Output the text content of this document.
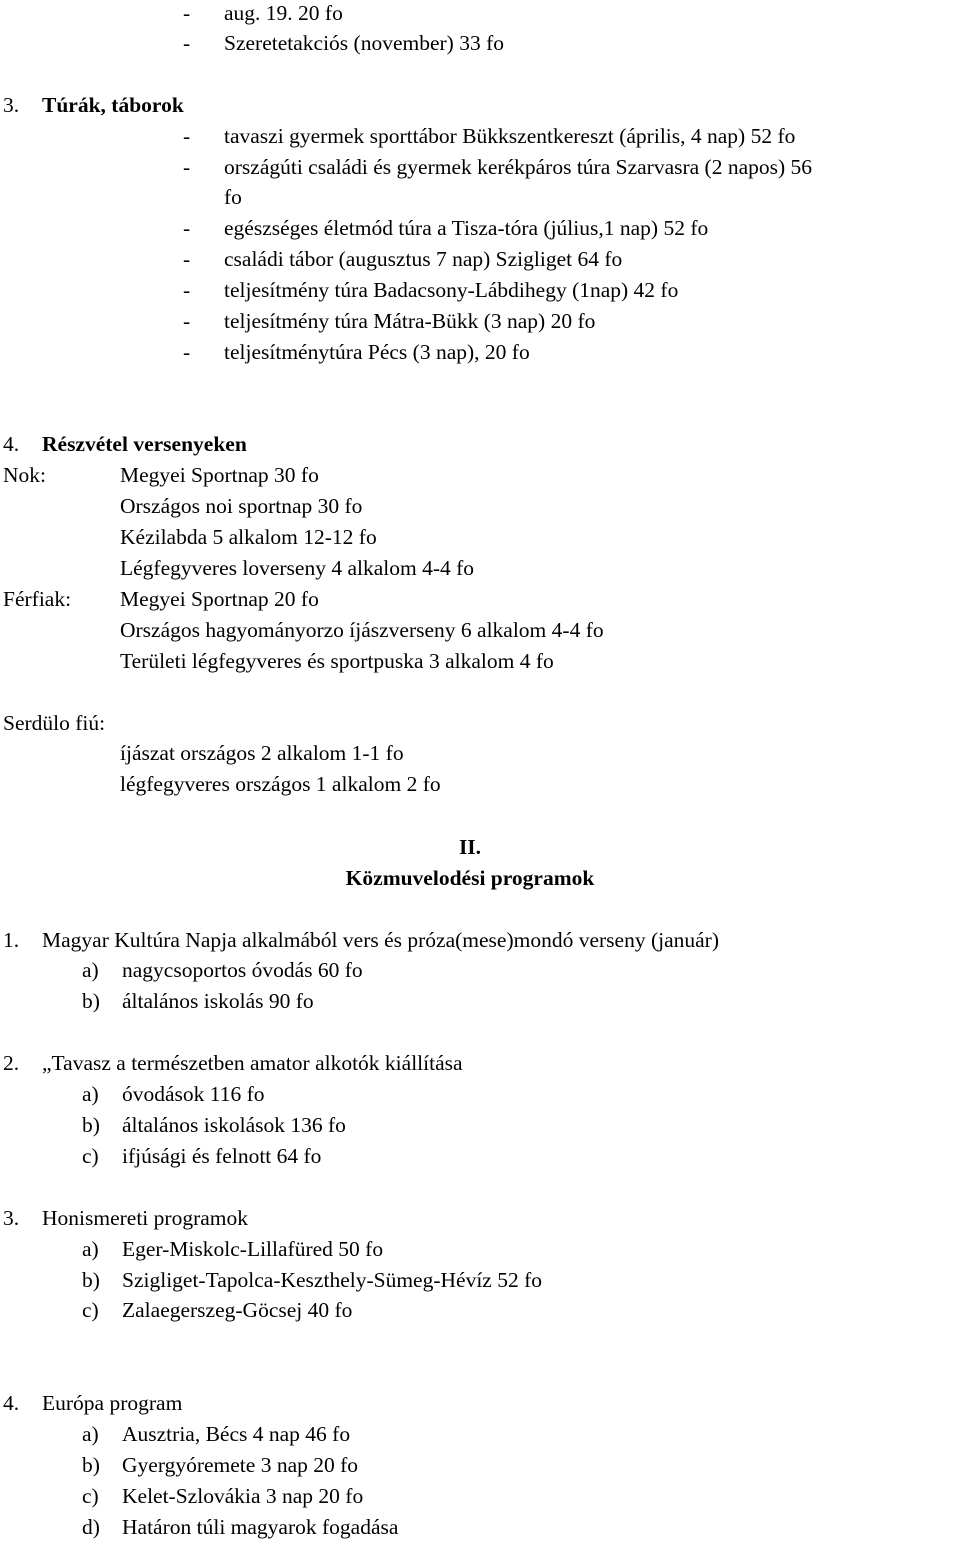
- aug. 19. 20 fo
- Szeretetakciós (november) 33 fo
3. Túrák, táborok
- tavaszi gyermek sporttábor Bükkszentkereszt (április, 4 nap) 52 fo
- országúti családi és gyermek kerékpáros túra Szarvasra (2 napos) 56
fo
- egészséges életmód túra a Tisza-tóra (július,1 nap) 52 fo
- családi tábor (augusztus 7 nap) Szigliget 64 fo
- teljesítmény túra Badacsony-Lábdihegy (1nap) 42 fo
- teljesítmény túra Mátra-Bükk (3 nap) 20 fo
- teljesítménytúra Pécs (3 nap), 20 fo
4. Részvétel versenyeken
Nok:	Megyei Sportnap 30 fo
Országos noi sportnap 30 fo
Kézilabda 5 alkalom 12-12 fo
Légfegyveres loverseny 4 alkalom 4-4 fo
Férfiak: Megyei Sportnap 20 fo
Országos hagyományorzo íjászverseny 6 alkalom 4-4 fo
Területi légfegyveres és sportpuska 3 alkalom 4 fo
Serdülo fiú:
íjászat országos 2 alkalom 1-1 fo
légfegyveres országos 1 alkalom 2 fo
II.
Közmuvelodési programok
1. Magyar Kultúra Napja alkalmából vers és próza(mese)mondó verseny (január)
a) nagycsoportos óvodás 60 fo
b) általános iskolás 90 fo
2. „Tavasz a természetben amator alkotók kiállítása
a) óvodások 116 fo
b) általános iskolások 136 fo
c) ifjúsági és felnott 64 fo
3. Honismereti programok
a) Eger-Miskolc-Lillafüred 50 fo
b) Szigliget-Tapolca-Keszthely-Sümeg-Hévíz 52 fo
c) Zalaegerszeg-Göcsej 40 fo
4. Európa program
a) Ausztria, Bécs 4 nap 46 fo
b) Gyergyóremete 3 nap 20 fo
c) Kelet-Szlovákia 3 nap 20 fo
d) Határon túli magyarok fogadása
